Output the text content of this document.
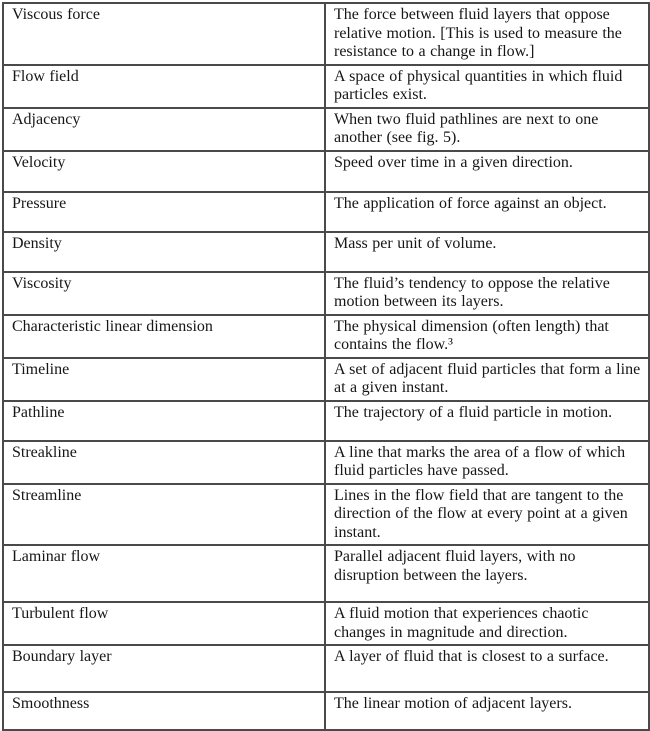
Viscous force	The force between fluid layers that oppose relative motion. [This is used to measure the resistance to a change in flow.]
Flow field	A space of physical quantities in which fluid particles exist.
Adjacency	When two fluid pathlines are next to one another (see fig. 5).
Velocity	Speed over time in a given direction.
Pressure	The application of force against an object.
Density	Mass per unit of volume.
Viscosity	The fluid’s tendency to oppose the relative motion between its layers.
Characteristic linear dimension	The physical dimension (often length) that contains the flow.³
Timeline	A set of adjacent fluid particles that form a line at a given instant.
Pathline	The trajectory of a fluid particle in motion.
Streakline	A line that marks the area of a flow of which fluid particles have passed.
Streamline	Lines in the flow field that are tangent to the direction of the flow at every point at a given instant.
Laminar flow	Parallel adjacent fluid layers, with no disruption between the layers.
Turbulent flow	A fluid motion that experiences chaotic changes in magnitude and direction.
Boundary layer	A layer of fluid that is closest to a surface.
Smoothness	The linear motion of adjacent layers.
